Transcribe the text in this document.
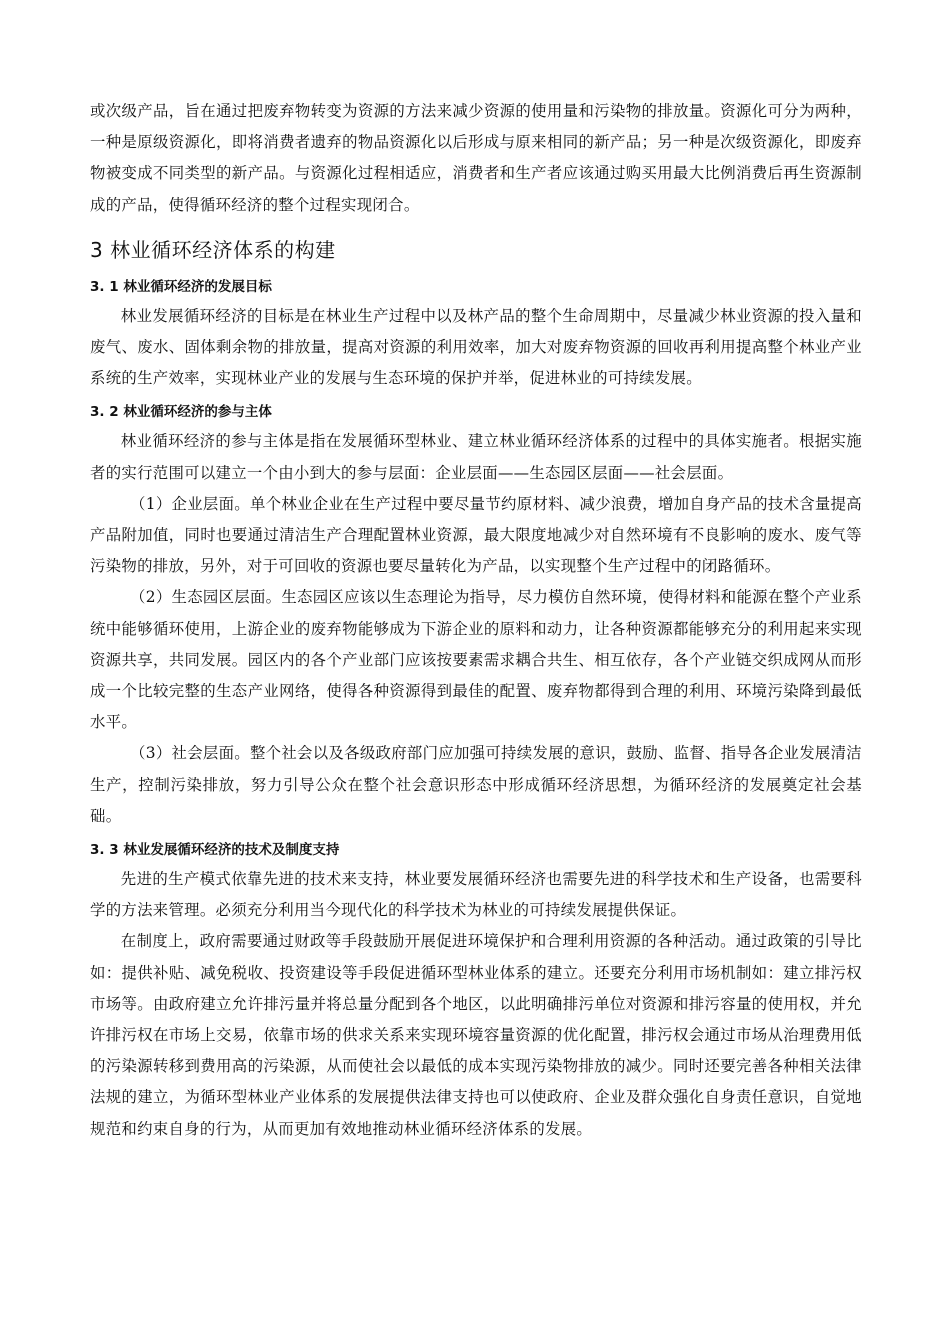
或次级产品，旨在通过把废弃物转变为资源的方法来减少资源的使用量和污染物的排放量。资源化可分为两种，一种是原级资源化，即将消费者遗弃的物品资源化以后形成与原来相同的新产品；另一种是次级资源化，即废弃物被变成不同类型的新产品。与资源化过程相适应，消费者和生产者应该通过购买用最大比例消费后再生资源制成的产品，使得循环经济的整个过程实现闭合。

3 林业循环经济体系的构建
3. 1 林业循环经济的发展目标

林业发展循环经济的目标是在林业生产过程中以及林产品的整个生命周期中，尽量减少林业资源的投入量和废气、废水、固体剩余物的排放量，提高对资源的利用效率，加大对废弃物资源的回收再利用提高整个林业产业系统的生产效率，实现林业产业的发展与生态环境的保护并举，促进林业的可持续发展。

3. 2 林业循环经济的参与主体

林业循环经济的参与主体是指在发展循环型林业、建立林业循环经济体系的过程中的具体实施者。根据实施者的实行范围可以建立一个由小到大的参与层面：企业层面——生态园区层面——社会层面。

（1）企业层面。单个林业企业在生产过程中要尽量节约原材料、减少浪费，增加自身产品的技术含量提高产品附加值，同时也要通过清洁生产合理配置林业资源，最大限度地减少对自然环境有不良影响的废水、废气等污染物的排放，另外，对于可回收的资源也要尽量转化为产品，以实现整个生产过程中的闭路循环。

（2）生态园区层面。生态园区应该以生态理论为指导，尽力模仿自然环境，使得材料和能源在整个产业系统中能够循环使用，上游企业的废弃物能够成为下游企业的原料和动力，让各种资源都能够充分的利用起来实现资源共享，共同发展。园区内的各个产业部门应该按要素需求耦合共生、相互依存，各个产业链交织成网从而形成一个比较完整的生态产业网络，使得各种资源得到最佳的配置、废弃物都得到合理的利用、环境污染降到最低水平。

（3）社会层面。整个社会以及各级政府部门应加强可持续发展的意识，鼓励、监督、指导各企业发展清洁生产，控制污染排放，努力引导公众在整个社会意识形态中形成循环经济思想，为循环经济的发展奠定社会基础。

3. 3 林业发展循环经济的技术及制度支持

先进的生产模式依靠先进的技术来支持，林业要发展循环经济也需要先进的科学技术和生产设备，也需要科学的方法来管理。必须充分利用当今现代化的科学技术为林业的可持续发展提供保证。

在制度上，政府需要通过财政等手段鼓励开展促进环境保护和合理利用资源的各种活动。通过政策的引导比如：提供补贴、减免税收、投资建设等手段促进循环型林业体系的建立。还要充分利用市场机制如：建立排污权市场等。由政府建立允许排污量并将总量分配到各个地区，以此明确排污单位对资源和排污容量的使用权，并允许排污权在市场上交易，依靠市场的供求关系来实现环境容量资源的优化配置，排污权会通过市场从治理费用低的污染源转移到费用高的污染源，从而使社会以最低的成本实现污染物排放的减少。同时还要完善各种相关法律法规的建立，为循环型林业产业体系的发展提供法律支持也可以使政府、企业及群众强化自身责任意识，自觉地规范和约束自身的行为，从而更加有效地推动林业循环经济体系的发展。
